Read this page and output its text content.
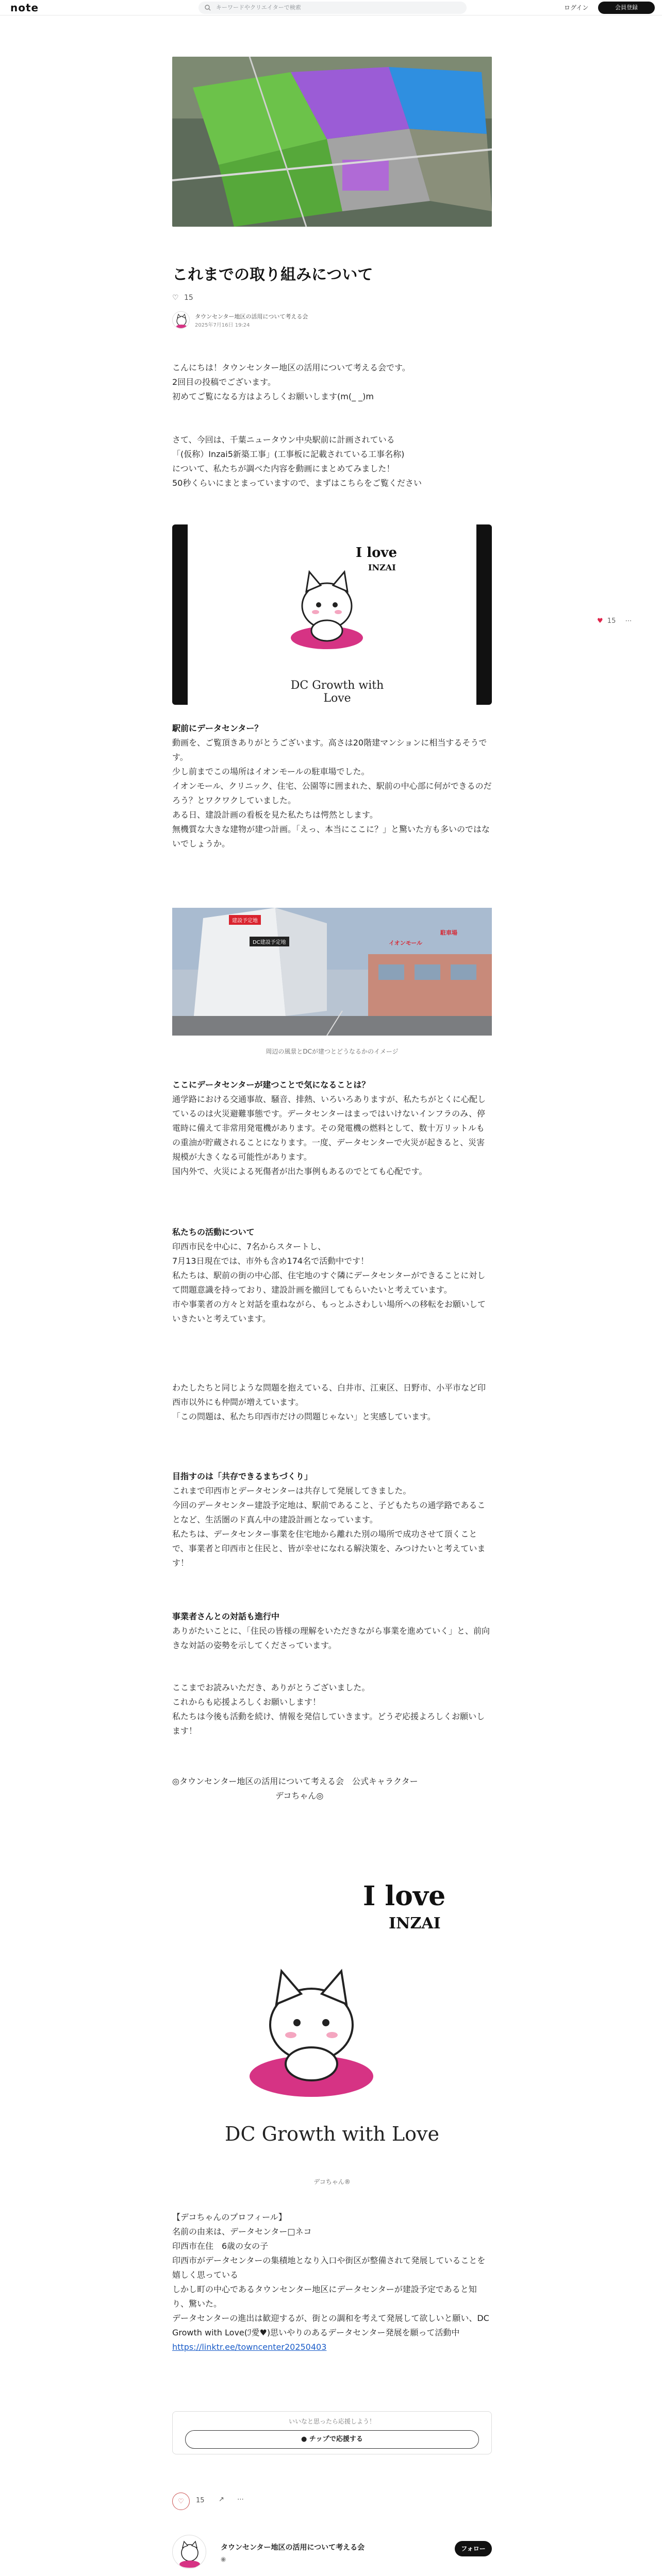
note	キーワードやクリエイターで検索	ログイン	会員登録
これまでの取り組みについて
♡ 15
タウンセンター地区の活用について考える会
2025年7月16日 19:24

こんにちは！タウンセンター地区の活用について考える会です。

2回目の投稿でございます。

初めてご覧になる方はよろしくお願いします(m(_ _)m

さて、今回は、千葉ニュータウン中央駅前に計画されている

「(仮称）Inzai5新築工事」(工事板に記載されている工事名称)

について、私たちが調べた内容を動画にまとめてみました！

50秒くらいにまとまっていますので、まずはこちらをご覧ください

I love
INZAI
DC Growth with Love
駅前にデータセンター？

動画を、ご覧頂きありがとうございます。高さは20階建マンションに相当するそうです。

少し前までこの場所はイオンモールの駐車場でした。

イオンモール、クリニック、住宅、公園等に囲まれた、駅前の中心部に何ができるのだろう？とワクワクしていました。

ある日、建設計画の看板を見た私たちは愕然とします。

無機質な大きな建物が建つ計画。「えっ、本当にここに？」と驚いた方も多いのではないでしょうか。

建設予定地
DC建設予定地	イオンモール
駐車場
周辺の風景とDCが建つとどうなるかのイメージ
ここにデータセンターが建つことで気になることは？

通学路における交通事故、騒音、排熱、いろいろありますが、私たちがとくに心配しているのは火災避難事態です。データセンターはまっではいけないインフラのみ、停電時に備えて非常用発電機があります。その発電機の燃料として、数十万リットルもの重油が貯蔵されることになります。一度、データセンターで火災が起きると、災害規模が大きくなる可能性があります。

国内外で、火災による死傷者が出た事例もあるのでとても心配です。

私たちの活動について

印西市民を中心に、7名からスタートし、

7月13日現在では、市外も含め174名で活動中です！

私たちは、駅前の街の中心部、住宅地のすぐ隣にデータセンターができることに対して問題意識を持っており、建設計画を撤回してもらいたいと考えています。

市や事業者の方々と対話を重ねながら、もっとふさわしい場所への移転をお願いしていきたいと考えています。

わたしたちと同じような問題を抱えている、白井市、江東区、日野市、小平市など印西市以外にも仲間が増えています。

「この問題は、私たち印西市だけの問題じゃない」と実感しています。

目指すのは「共存できるまちづくり」

これまで印西市とデータセンターは共存して発展してきました。

今回のデータセンター建設予定地は、駅前であること、子どもたちの通学路であることなど、生活圏のド真ん中の建設計画となっています。

私たちは、データセンター事業を住宅地から離れた別の場所で成功させて頂くことで、事業者と印西市と住民と、皆が幸せになれる解決策を、みつけたいと考えています！

事業者さんとの対話も進行中

ありがたいことに、「住民の皆様の理解をいただきながら事業を進めていく」と、前向きな対話の姿勢を示してくださっています。

ここまでお読みいただき、ありがとうございました。

これからも応援よろしくお願いします！

私たちは今後も活動を続け、情報を発信していきます。どうぞ応援よろしくお願いします！

◎タウンセンター地区の活用について考える会　公式キャラクター

デコちゃん◎

I love
INZAI
DC Growth with Love
デコちゃん®
♥ 15 ⋯

【デコちゃんのプロフィール】

名前の由来は、データセンター□ネコ

印西市在住　6歳の女の子

印西市がデータセンターの集積地となり入口や街区が整備されて発展していることを嬉しく思っている

しかし町の中心であるタウンセンター地区にデータセンターが建設予定であると知り、驚いた。

データセンターの進出は歓迎するが、街との調和を考えて発展して欲しいと願い、DC Growth with Love(ℐ愛♥)思いやりのあるデータセンター発展を願って活動中

https://linktr.ee/towncenter20250403

いいなと思ったら応援しよう！
● チップで応援する
♡ 15 ↗ ⋯
タウンセンター地区の活用について考える会
◉
フォロー
